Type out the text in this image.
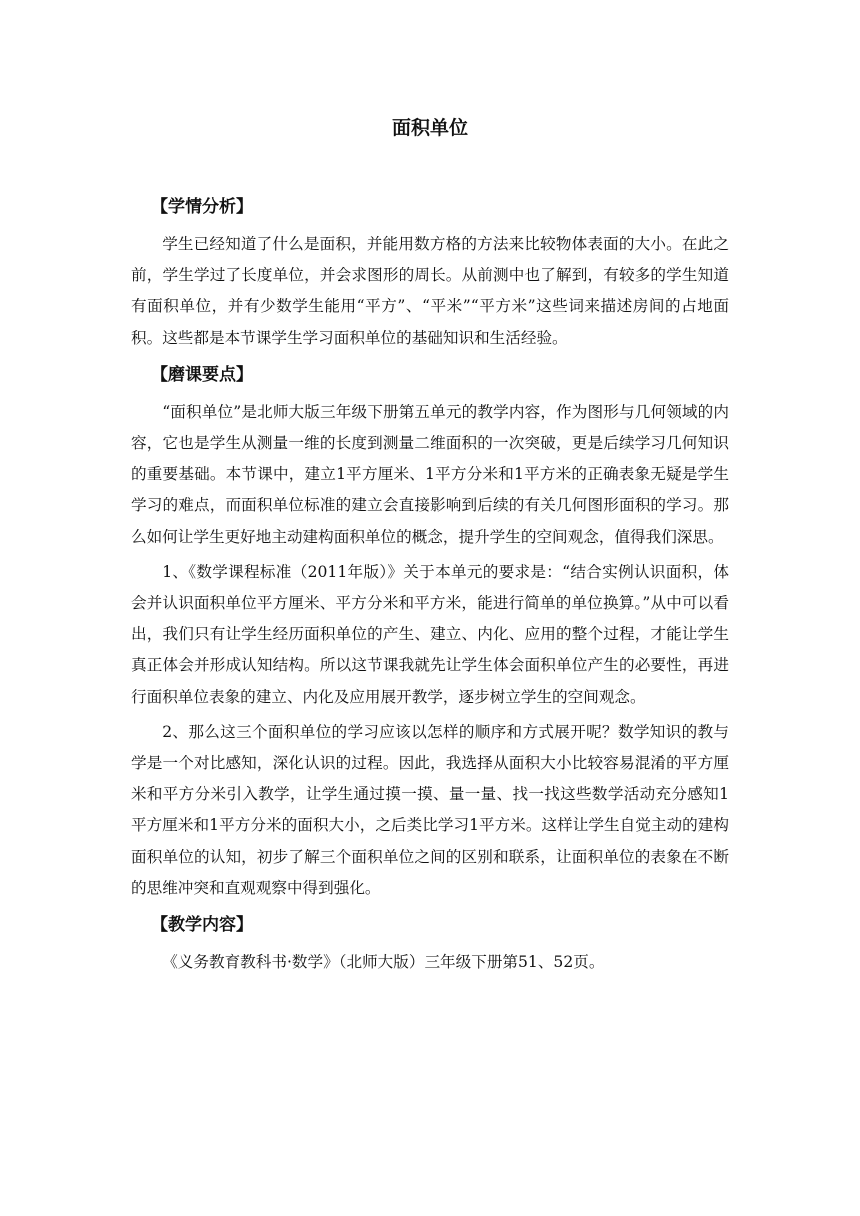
面积单位
【学情分析】

学生已经知道了什么是面积，并能用数方格的方法来比较物体表面的大小。在此之前，学生学过了长度单位，并会求图形的周长。从前测中也了解到，有较多的学生知道有面积单位，并有少数学生能用“平方”、“平米”“平方米”这些词来描述房间的占地面积。这些都是本节课学生学习面积单位的基础知识和生活经验。

【磨课要点】

“面积单位”是北师大版三年级下册第五单元的教学内容，作为图形与几何领域的内容，它也是学生从测量一维的长度到测量二维面积的一次突破，更是后续学习几何知识的重要基础。本节课中，建立1平方厘米、1平方分米和1平方米的正确表象无疑是学生学习的难点，而面积单位标准的建立会直接影响到后续的有关几何图形面积的学习。那么如何让学生更好地主动建构面积单位的概念，提升学生的空间观念，值得我们深思。

1、《数学课程标准（2011年版）》关于本单元的要求是：“结合实例认识面积，体会并认识面积单位平方厘米、平方分米和平方米，能进行简单的单位换算。”从中可以看出，我们只有让学生经历面积单位的产生、建立、内化、应用的整个过程，才能让学生真正体会并形成认知结构。所以这节课我就先让学生体会面积单位产生的必要性，再进行面积单位表象的建立、内化及应用展开教学，逐步树立学生的空间观念。

2、那么这三个面积单位的学习应该以怎样的顺序和方式展开呢？数学知识的教与学是一个对比感知，深化认识的过程。因此，我选择从面积大小比较容易混淆的平方厘米和平方分米引入教学，让学生通过摸一摸、量一量、找一找这些数学活动充分感知1平方厘米和1平方分米的面积大小，之后类比学习1平方米。这样让学生自觉主动的建构面积单位的认知，初步了解三个面积单位之间的区别和联系，让面积单位的表象在不断的思维冲突和直观观察中得到强化。

【教学内容】

《义务教育教科书·数学》（北师大版）三年级下册第51、52页。
